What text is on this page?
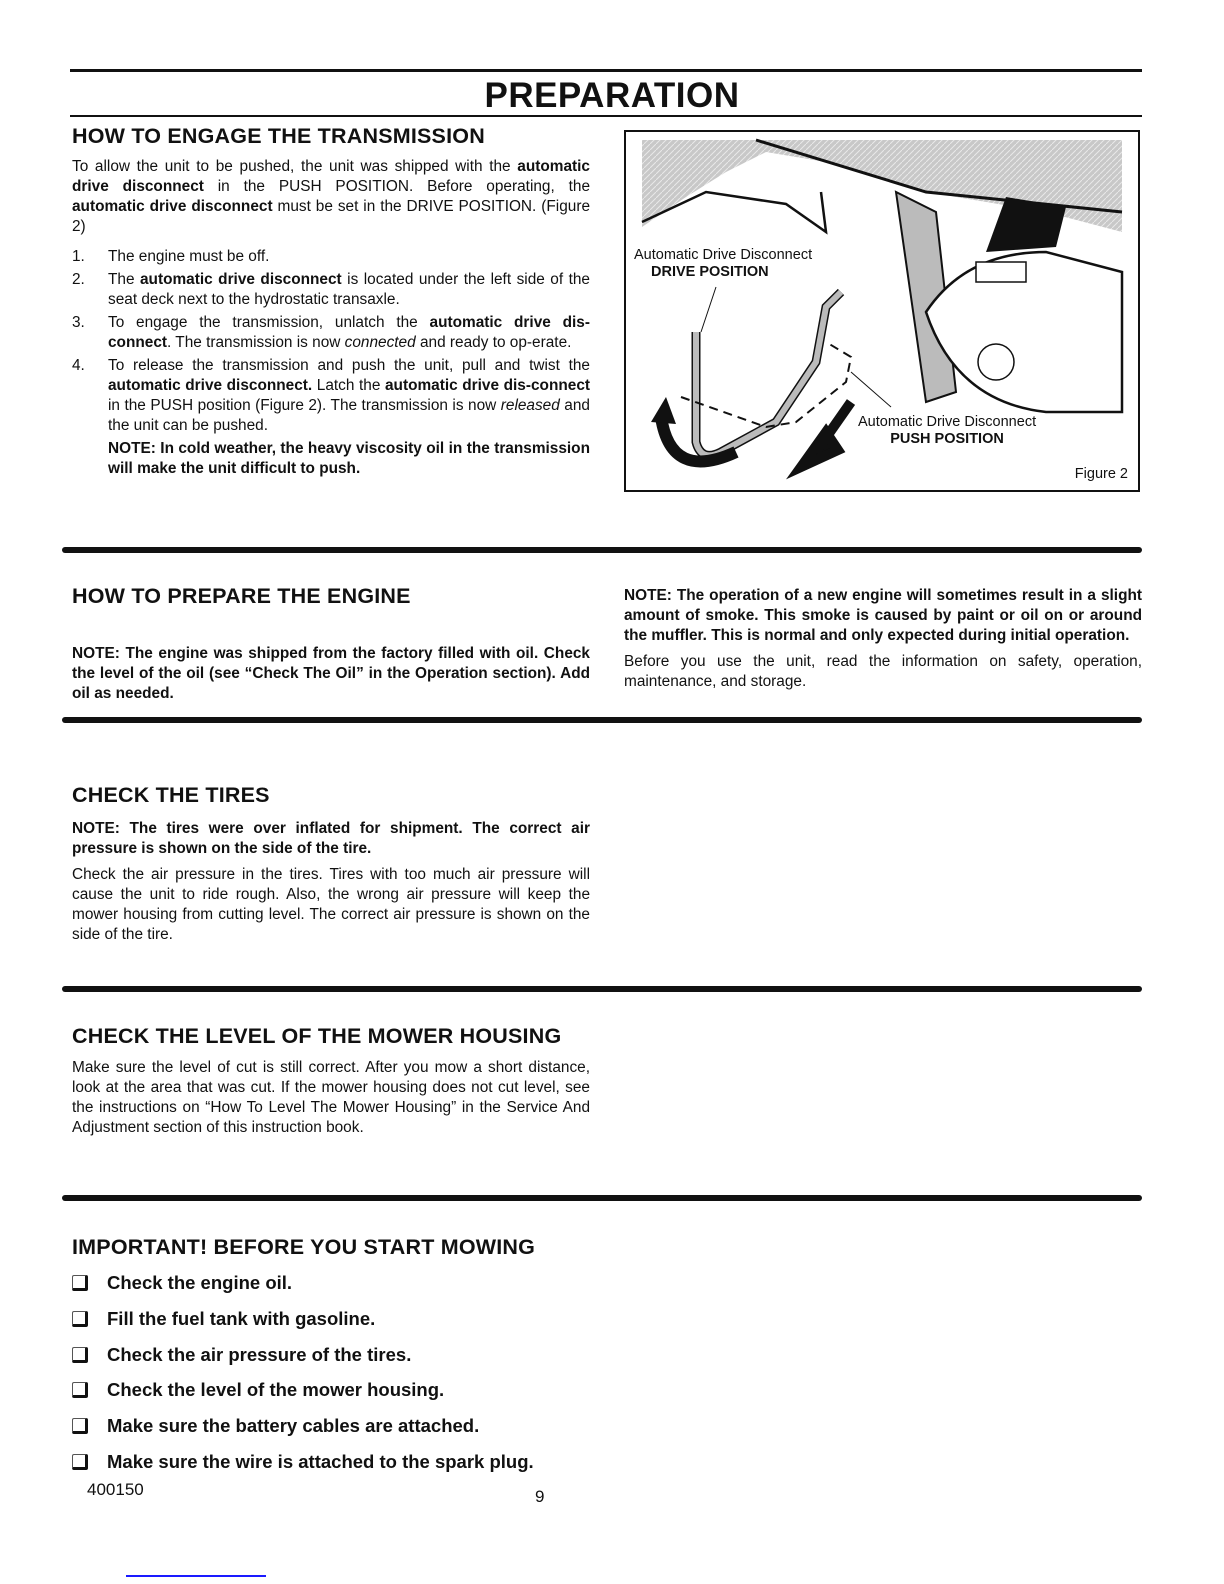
PREPARATION
HOW TO ENGAGE THE TRANSMISSION

To allow the unit to be pushed, the unit was shipped with the automatic drive disconnect in the PUSH POSITION. Before operating, the automatic drive disconnect must be set in the DRIVE POSITION. (Figure 2)

1. The engine must be off.
2. The automatic drive disconnect is located under the left side of the seat deck next to the hydrostatic transaxle.
3. To engage the transmission, unlatch the automatic drive dis-connect. The transmission is now connected and ready to op-erate.
4. To release the transmission and push the unit, pull and twist the automatic drive disconnect. Latch the automatic drive dis-connect in the PUSH position (Figure 2). The transmission is now released and the unit can be pushed.

NOTE: In cold weather, the heavy viscosity oil in the transmission will make the unit difficult to push.

Automatic Drive Disconnect
DRIVE POSITION
Automatic Drive Disconnect
PUSH POSITION
Figure 2
HOW TO PREPARE THE ENGINE

NOTE: The engine was shipped from the factory filled with oil. Check the level of the oil (see “Check The Oil” in the Operation section). Add oil as needed.

NOTE: The operation of a new engine will sometimes result in a slight amount of smoke. This smoke is caused by paint or oil on or around the muffler. This is normal and only expected during initial operation.

Before you use the unit, read the information on safety, operation, maintenance, and storage.

CHECK THE TIRES

NOTE: The tires were over inflated for shipment. The correct air pressure is shown on the side of the tire.

Check the air pressure in the tires. Tires with too much air pressure will cause the unit to ride rough. Also, the wrong air pressure will keep the mower housing from cutting level. The correct air pressure is shown on the side of the tire.

CHECK THE LEVEL OF THE MOWER HOUSING

Make sure the level of cut is still correct. After you mow a short distance, look at the area that was cut. If the mower housing does not cut level, see the instructions on “How To Level The Mower Housing” in the Service And Adjustment section of this instruction book.

IMPORTANT! BEFORE YOU START MOWING
Check the engine oil.
Fill the fuel tank with gasoline.
Check the air pressure of the tires.
Check the level of the mower housing.
Make sure the battery cables are attached.
Make sure the wire is attached to the spark plug.
400150	9
